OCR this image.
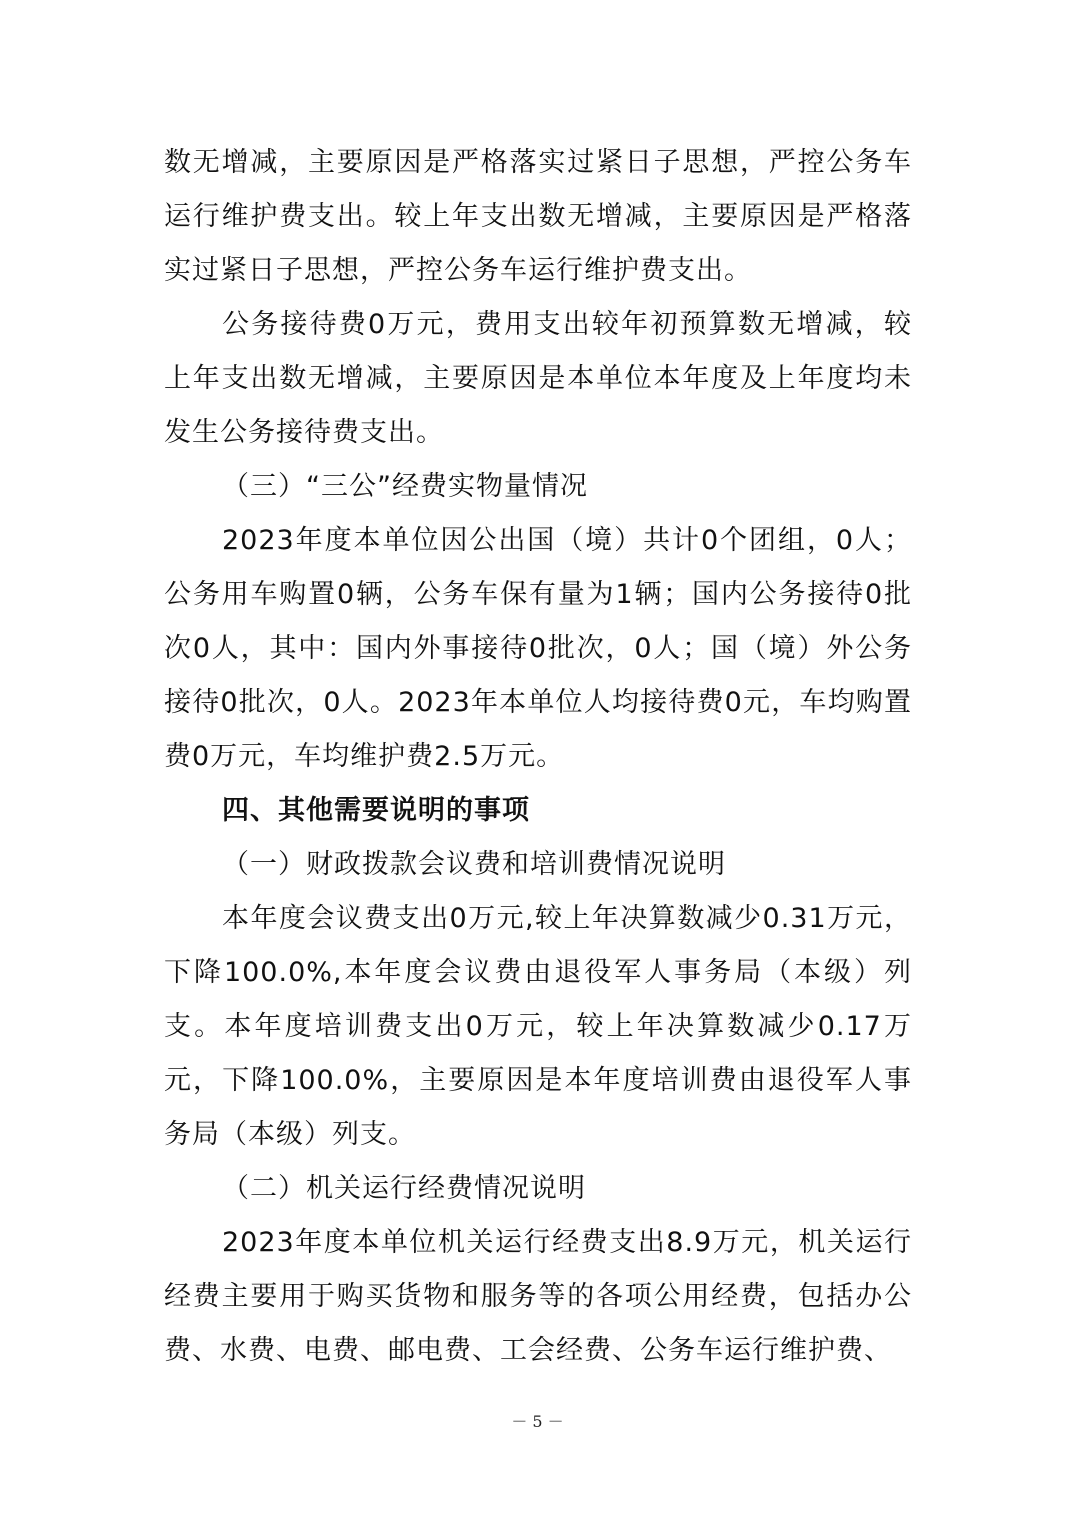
数无增减，主要原因是严格落实过紧日子思想，严控公务车运行维护费支出。较上年支出数无增减，主要原因是严格落实过紧日子思想，严控公务车运行维护费支出。

公务接待费0万元，费用支出较年初预算数无增减，较上年支出数无增减，主要原因是本单位本年度及上年度均未发生公务接待费支出。

（三）“三公”经费实物量情况

2023年度本单位因公出国（境）共计0个团组，0人；公务用车购置0辆，公务车保有量为1辆；国内公务接待0批次0人，其中：国内外事接待0批次，0人；国（境）外公务接待0批次，0人。2023年本单位人均接待费0元，车均购置费0万元，车均维护费2.5万元。

四、其他需要说明的事项

（一）财政拨款会议费和培训费情况说明

本年度会议费支出0万元,较上年决算数减少0.31万元，下降100.0%,本年度会议费由退役军人事务局（本级）列支。本年度培训费支出0万元，较上年决算数减少0.17万元，下降100.0%，主要原因是本年度培训费由退役军人事务局（本级）列支。

（二）机关运行经费情况说明

2023年度本单位机关运行经费支出8.9万元，机关运行经费主要用于购买货物和服务等的各项公用经费，包括办公费、水费、电费、邮电费、工会经费、公务车运行维护费、

－ 5 －
